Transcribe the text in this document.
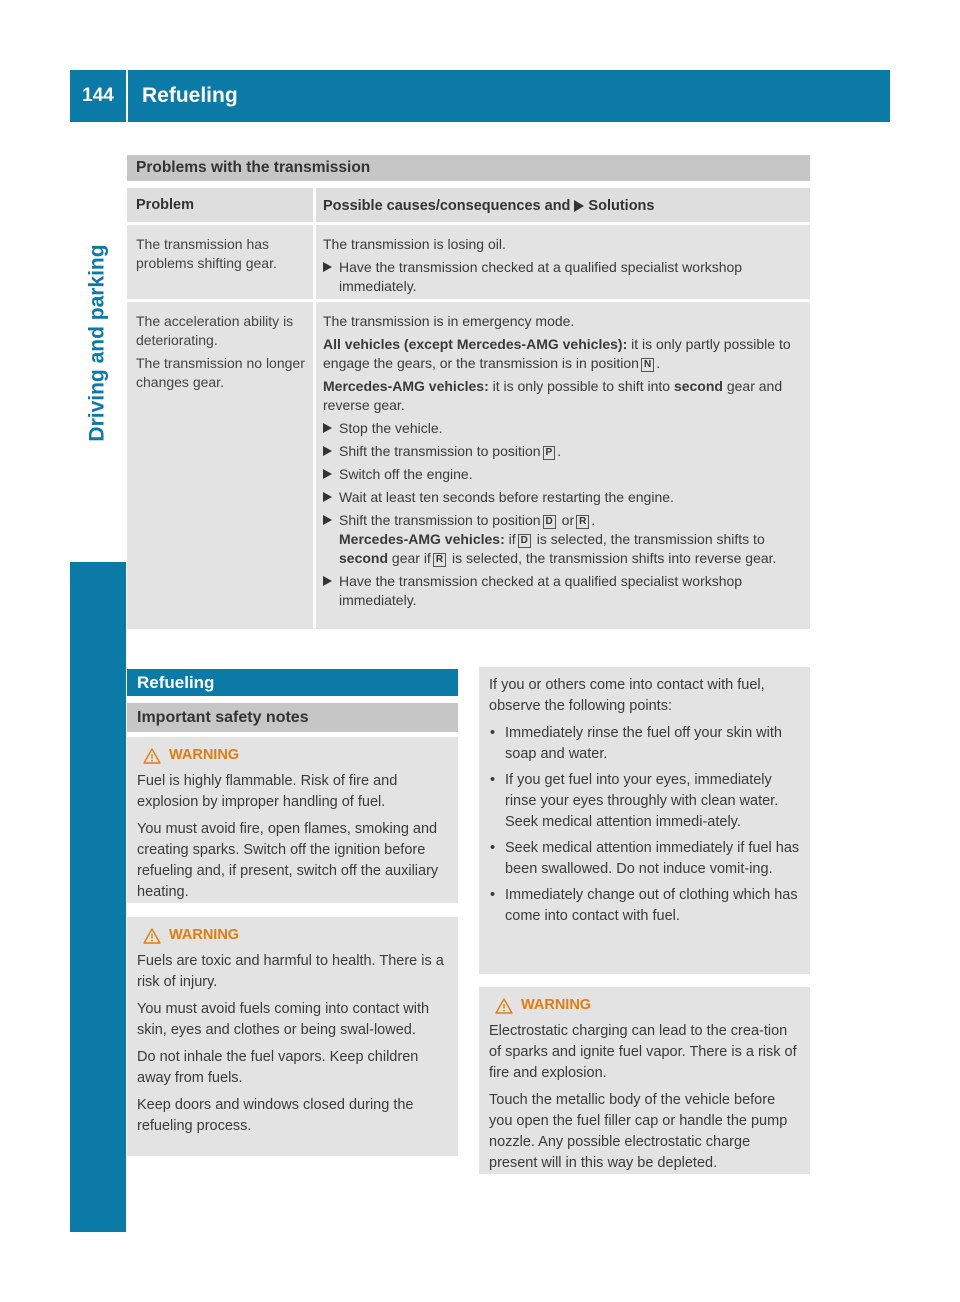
144	Refueling
Driving and parking
Problems with the transmission
Problem	Possible causes/consequences and Solutions

The transmission has problems shifting gear.

The transmission is losing oil.

Have the transmission checked at a qualified specialist workshop immediately.

The acceleration ability is deteriorating.

The transmission no longer changes gear.

The transmission is in emergency mode.

All vehicles (except Mercedes-AMG vehicles): it is only partly possible to engage the gears, or the transmission is in position N .

Mercedes-AMG vehicles: it is only possible to shift into second gear and reverse gear.

Stop the vehicle.
Shift the transmission to position P .
Switch off the engine.
Wait at least ten seconds before restarting the engine.
Shift the transmission to position D or R .
Mercedes-AMG vehicles: if D is selected, the transmission shifts to second gear if R is selected, the transmission shifts into reverse gear.
Have the transmission checked at a qualified specialist workshop immediately.
Refueling
Important safety notes
WARNING

Fuel is highly flammable. Risk of fire and explosion by improper handling of fuel.

You must avoid fire, open flames, smoking and creating sparks. Switch off the ignition before refueling and, if present, switch off the auxiliary heating.

WARNING

Fuels are toxic and harmful to health. There is a risk of injury.

You must avoid fuels coming into contact with skin, eyes and clothes or being swal-lowed.

Do not inhale the fuel vapors. Keep children away from fuels.

Keep doors and windows closed during the refueling process.

If you or others come into contact with fuel, observe the following points:

• Immediately rinse the fuel off your skin with soap and water.
• If you get fuel into your eyes, immediately rinse your eyes throughly with clean water. Seek medical attention immedi-ately.
• Seek medical attention immediately if fuel has been swallowed. Do not induce vomit-ing.
• Immediately change out of clothing which has come into contact with fuel.
WARNING

Electrostatic charging can lead to the crea-tion of sparks and ignite fuel vapor. There is a risk of fire and explosion.

Touch the metallic body of the vehicle before you open the fuel filler cap or handle the pump nozzle. Any possible electrostatic charge present will in this way be depleted.
